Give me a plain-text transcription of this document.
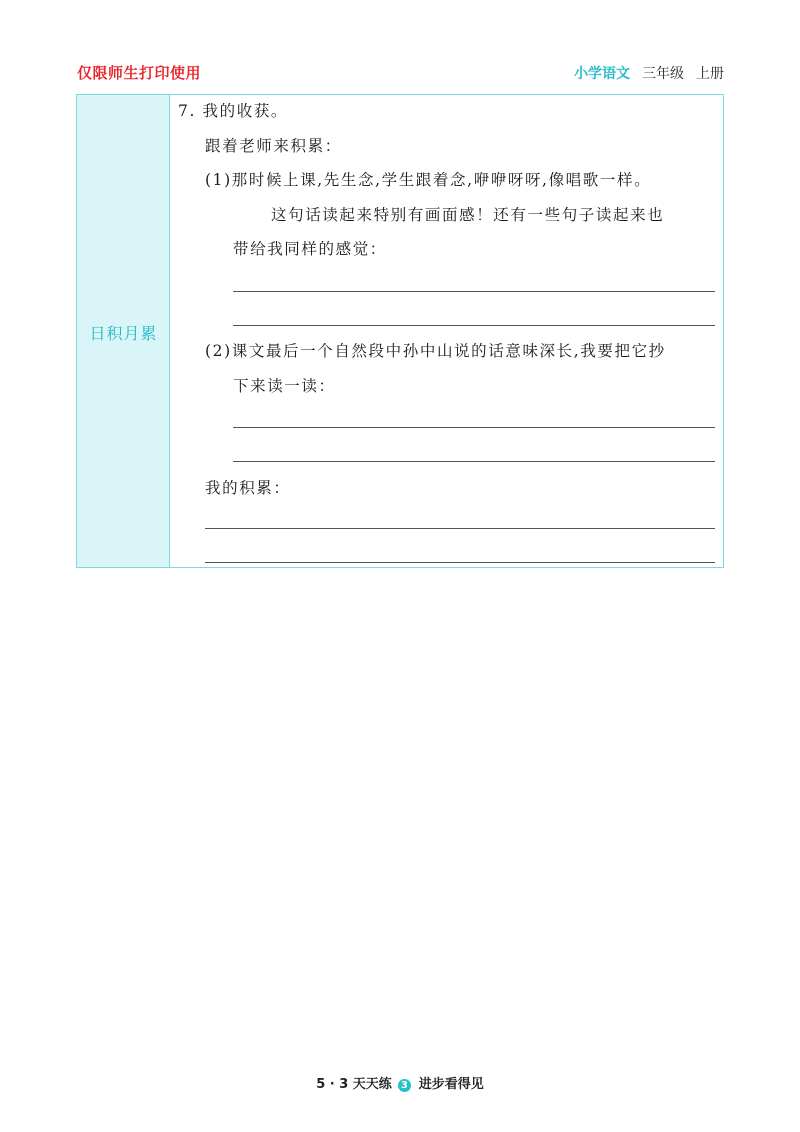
仅限师生打印使用	小学语文 三年级 上册
日积月累
7. 我的收获。
跟着老师来积累：
(1)那时候上课,先生念,学生跟着念,咿咿呀呀,像唱歌一样。
这句话读起来特别有画面感！还有一些句子读起来也
带给我同样的感觉：
(2)课文最后一个自然段中孙中山说的话意味深长,我要把它抄
下来读一读：
我的积累：
5 · 3 天天练 3 进步看得见
